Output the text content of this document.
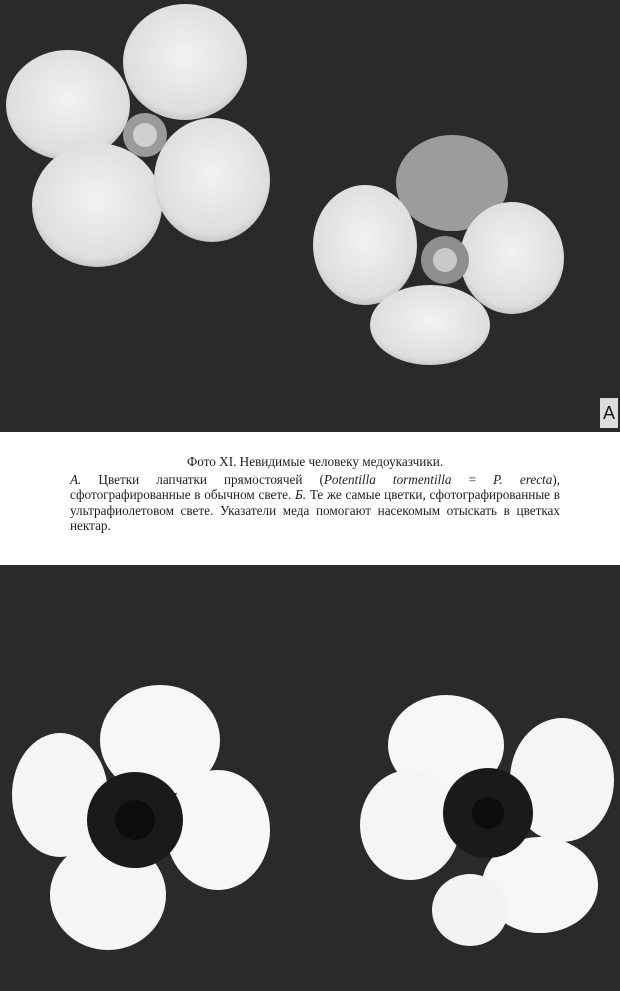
А
Фото XI. Невидимые человеку медоуказчики.
А. Цветки лапчатки прямостоячей (Potentilla tormentilla = P. erecta), сфотографированные в обычном свете. Б. Те же самые цветки, сфотографированные в ультрафиолетовом свете. Указатели меда помогают насекомым отыскать в цветках нектар.
